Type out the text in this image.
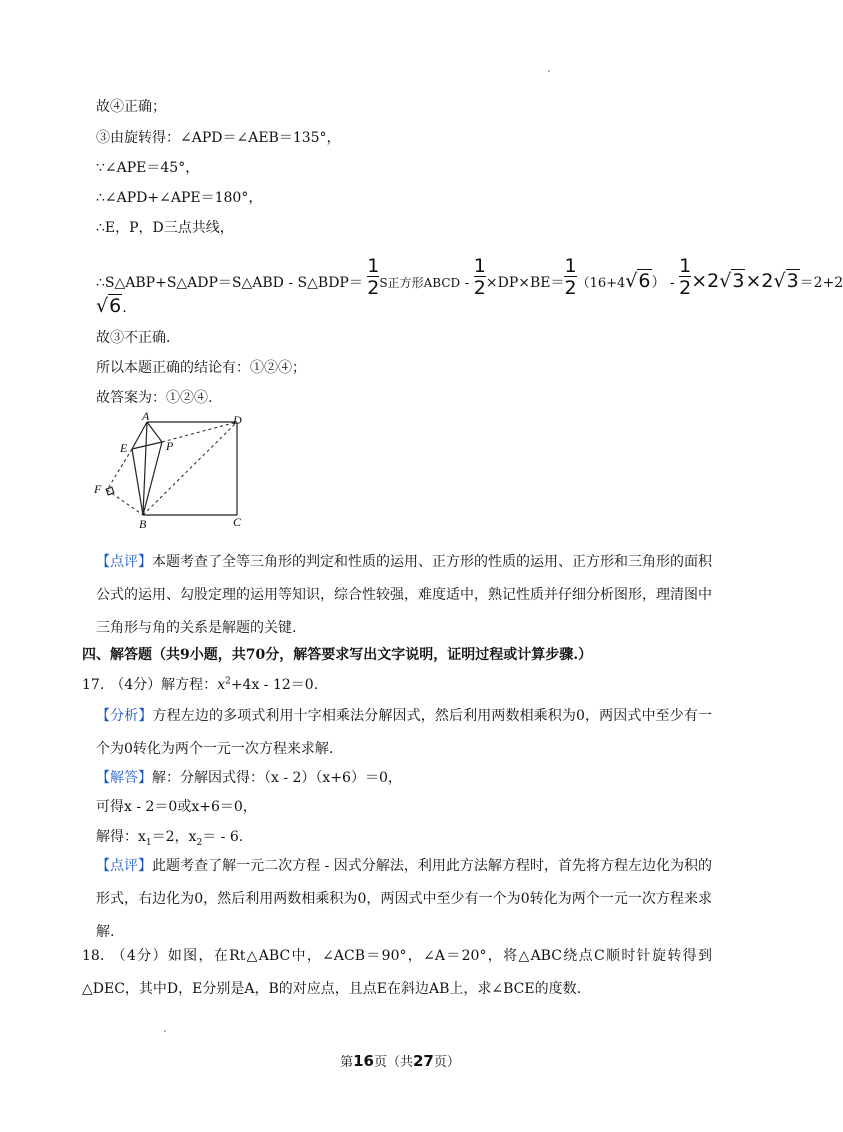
故④正确；
③由旋转得：∠APD＝∠AEB＝135°，
∵∠APE＝45°，
∴∠APD+∠APE＝180°，
∴E，P，D三点共线，
∴S△ABP+S△ADP＝S△ABD - S△BDP＝ $\frac{1}{2}$ S正方形ABCD - $\frac{1}{2} \times DP\times BE= \frac{1}{2} (16+4√6) - \frac{1}{2} \times 2√3\times 2√3=2+2$
√6.
故③不正确.
所以本题正确的结论有：①②④；
故答案为：①②④.
A	D
E	P
F
B	C
【点评】本题考查了全等三角形的判定和性质的运用、正方形的性质的运用、正方形和三角形的面积公式的运用、勾股定理的运用等知识，综合性较强，难度适中，熟记性质并仔细分析图形，理清图中三角形与角的关系是解题的关键.
四、解答题（共9小题，共70分，解答要求写出文字说明，证明过程或计算步骤.）
17. （4分）解方程：$x^2+4x - 12=0$.
【分析】方程左边的多项式利用十字相乘法分解因式，然后利用两数相乘积为0，两因式中至少有一个为0转化为两个一元一次方程来求解.
【解答】解：分解因式得：（x - 2）（x+6）＝0，
可得x - 2＝0或x+6＝0，
解得：$x_1=2$，$x_2= - 6$.
【点评】此题考查了解一元二次方程 - 因式分解法，利用此方法解方程时，首先将方程左边化为积的形式，右边化为0，然后利用两数相乘积为0，两因式中至少有一个为0转化为两个一元一次方程来求解.
18. （4分）如图，在Rt△ABC中，∠ACB＝90°，∠A＝20°，将△ABC绕点C顺时针旋转得到△DEC，其中D，E分别是A，B的对应点，且点E在斜边AB上，求∠BCE的度数.
第16页（共27页）
